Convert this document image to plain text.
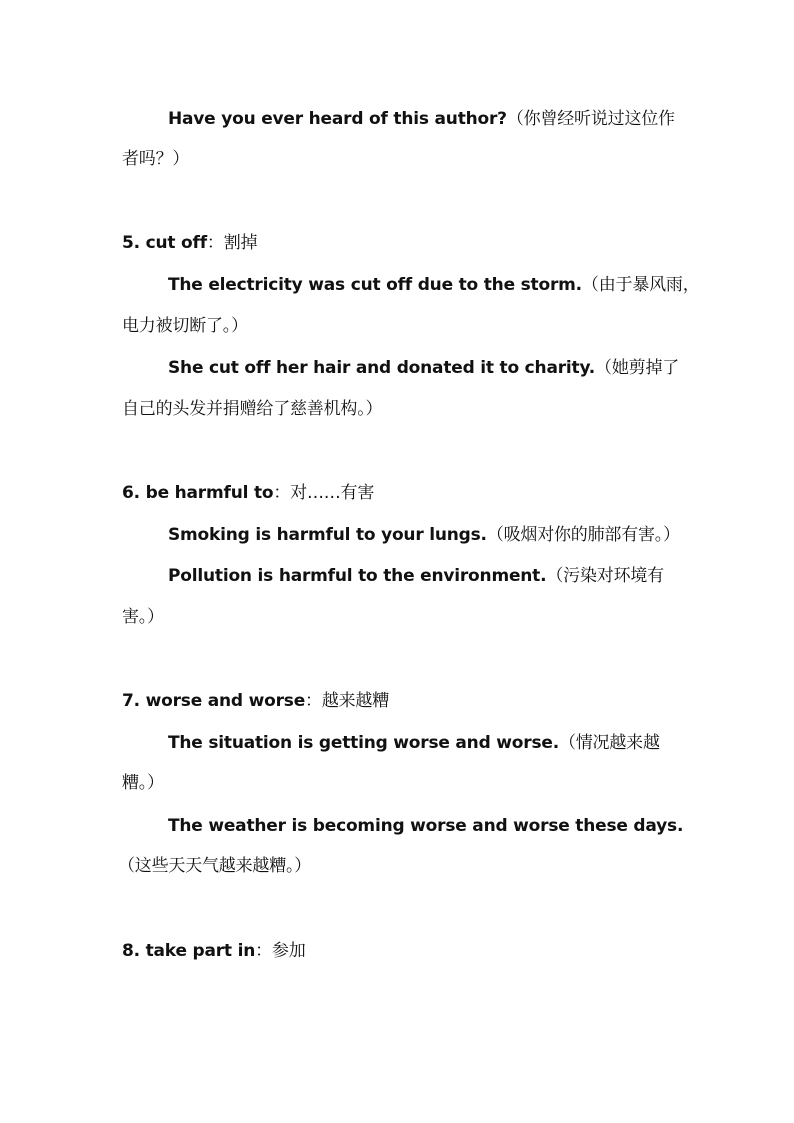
Have you ever heard of this author?（你曾经听说过这位作
者吗？）
5. cut off：割掉
The electricity was cut off due to the storm.（由于暴风雨，
电力被切断了。）
She cut off her hair and donated it to charity.（她剪掉了
自己的头发并捐赠给了慈善机构。）
6. be harmful to：对……有害
Smoking is harmful to your lungs.（吸烟对你的肺部有害。）
Pollution is harmful to the environment.（污染对环境有
害。）
7. worse and worse：越来越糟
The situation is getting worse and worse.（情况越来越
糟。）
The weather is becoming worse and worse these days.
（这些天天气越来越糟。）
8. take part in：参加
